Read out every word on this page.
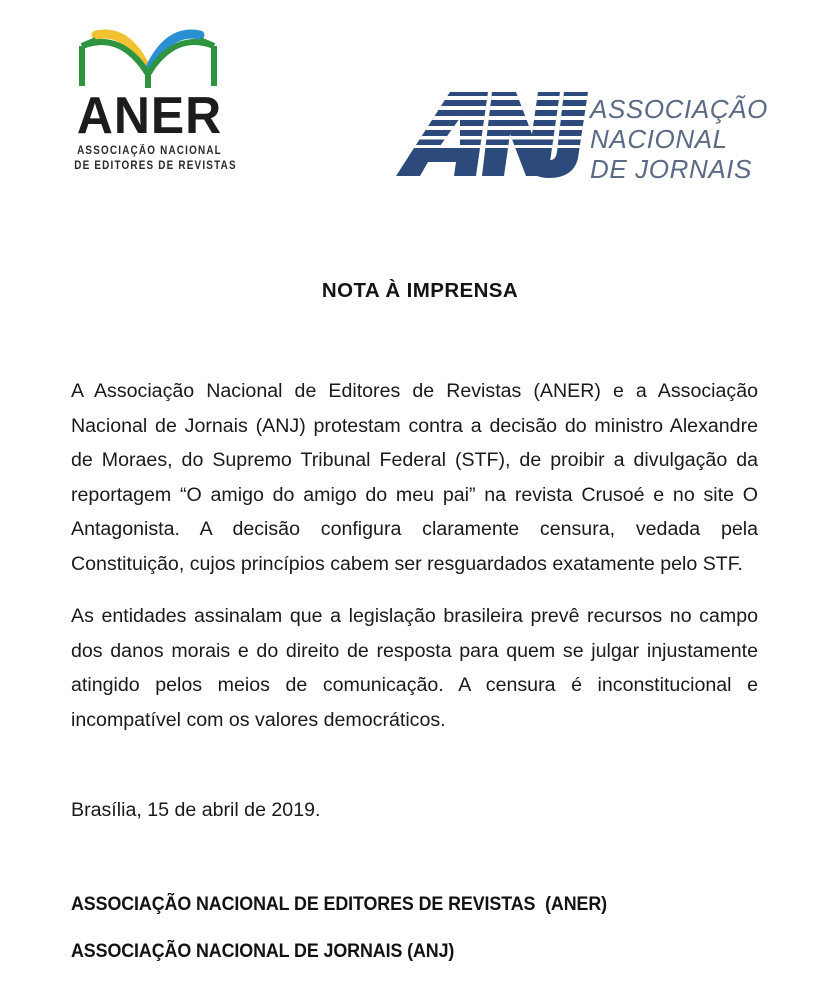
ANER
ASSOCIAÇÃO NACIONAL
DE EDITORES DE REVISTAS
ASSOCIAÇÃO
NACIONAL
DE JORNAIS
NOTA À IMPRENSA

A Associação Nacional de Editores de Revistas (ANER) e a Associação Nacional de Jornais (ANJ) protestam contra a decisão do ministro Alexandre de Moraes, do Supremo Tribunal Federal (STF), de proibir a divulgação da reportagem “O amigo do amigo do meu pai” na revista Crusoé e no site O Antagonista. A decisão configura claramente censura, vedada pela Constituição, cujos princípios cabem ser resguardados exatamente pelo STF.

As entidades assinalam que a legislação brasileira prevê recursos no campo dos danos morais e do direito de resposta para quem se julgar injustamente atingido pelos meios de comunicação. A censura é inconstitucional e incompatível com os valores democráticos.

Brasília, 15 de abril de 2019.
ASSOCIAÇÃO NACIONAL DE EDITORES DE REVISTAS  (ANER)
ASSOCIAÇÃO NACIONAL DE JORNAIS (ANJ)
